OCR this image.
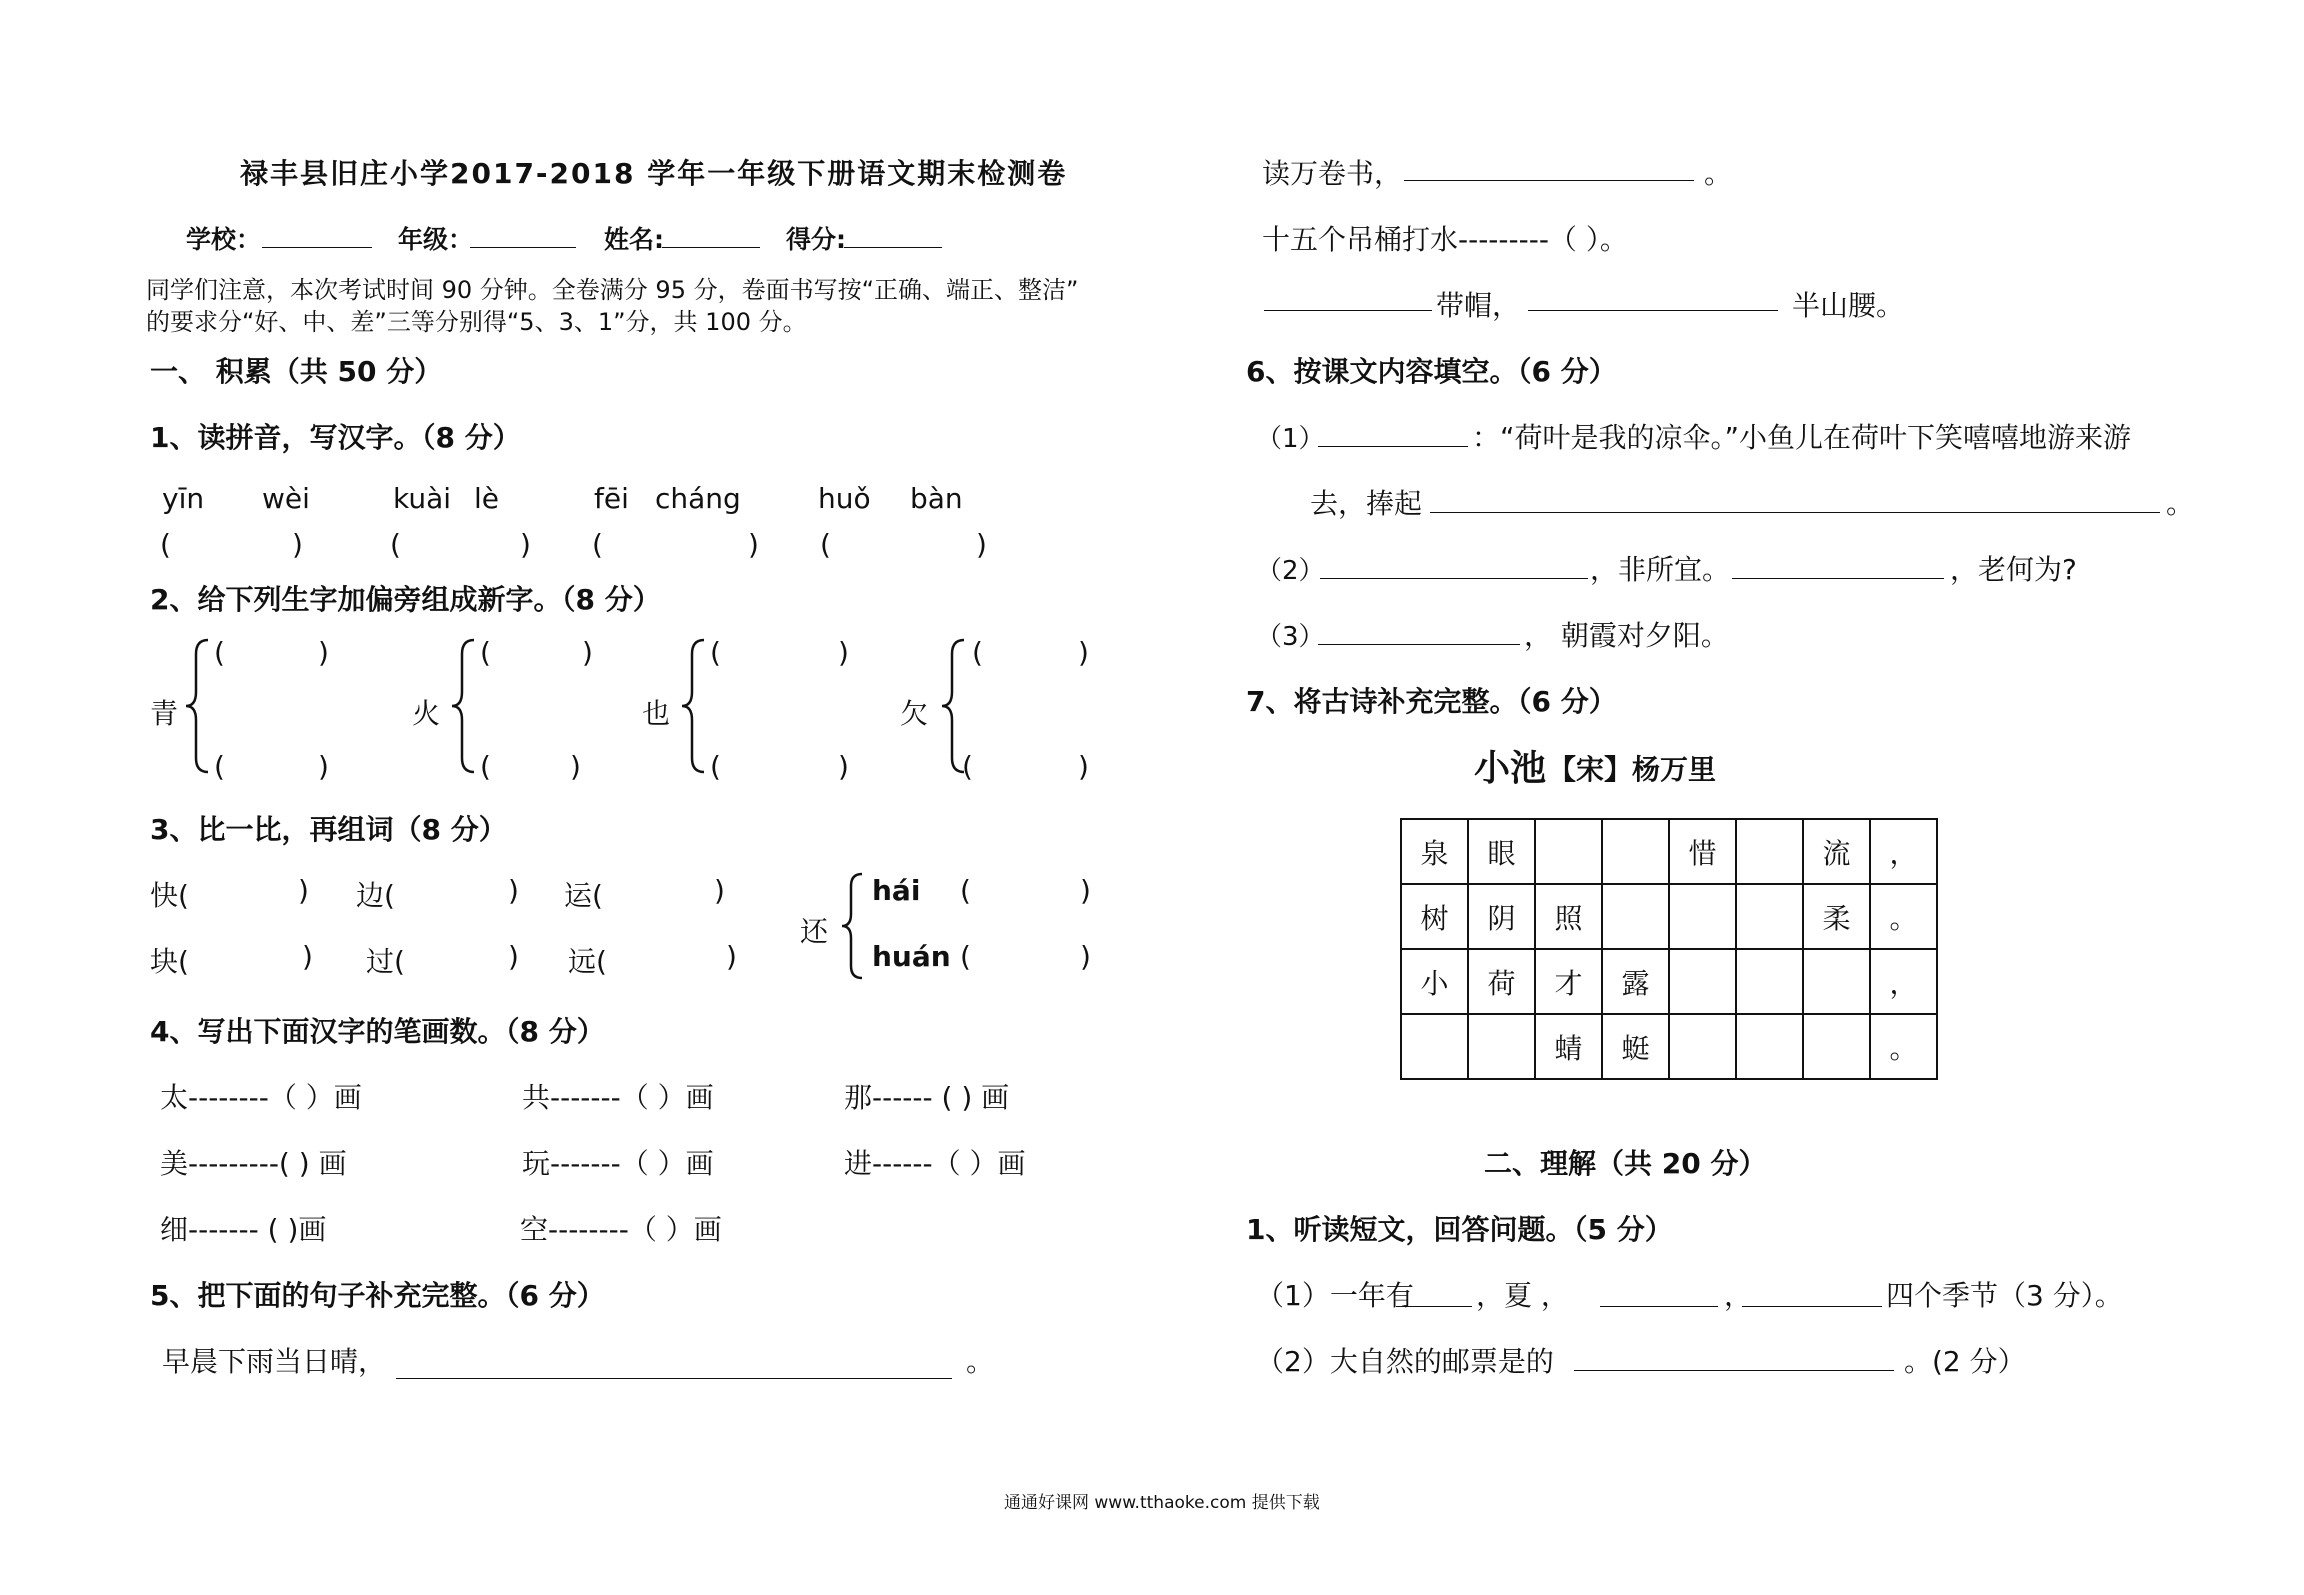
禄丰县旧庄小学2017-2018 学年一年级下册语文期末检测卷
学校：	年级：	姓名:	得分:
同学们注意，本次考试时间 90 分钟。全卷满分 95 分，卷面书写按“正确、端正、整洁”
的要求分“好、中、差”三等分别得“5、3、1”分，共 100 分。
一、 积累（共 50 分）
1、读拼音，写汉字。（8 分）
yīn wèi	kuài lè	fēi cháng	huǒ bàn
(	)	(	) (	) (	)
2、给下列生字加偏旁组成新字。（8 分）
青
(	)
(	)
火
(	)
(	)
也
(	)
(	)
欠
(	)
(	)
3、比一比，再组词（8 分）
快(	) 边(	) 运(	)
块(	) 过(	) 远(	)
还
hái (	)
huán (	)
4、写出下面汉字的笔画数。（8 分）
太--------（ ）画	共-------（ ）画	那------ ( ) 画
美---------( ) 画	玩-------（ ）画	进------（ ）画
细------- ( )画	空--------（ ）画
5、把下面的句子补充完整。（6 分）
早晨下雨当日晴，	。
读万卷书，	。
十五个吊桶打水---------（ ）。
带帽，	半山腰。
6、按课文内容填空。（6 分）
（1）	：“荷叶是我的凉伞。”小鱼儿在荷叶下笑嘻嘻地游来游
去，捧起	。
（2）	，非所宜。	，老何为?
（3）	， 朝霞对夕阳。
7、将古诗补充完整。（6 分）
小池 【宋】杨万里
泉	眼			惜		流	，
树	阴	照				柔	。
小	荷	才	露				，
		蜻	蜓				。
二、理解（共 20 分）
1、听读短文，回答问题。（5 分）
（1）一年有 ，夏 ，	，	四个季节（3 分）。
（2）大自然的邮票是的	。(2 分）
通通好课网 www.tthaoke.com 提供下载
